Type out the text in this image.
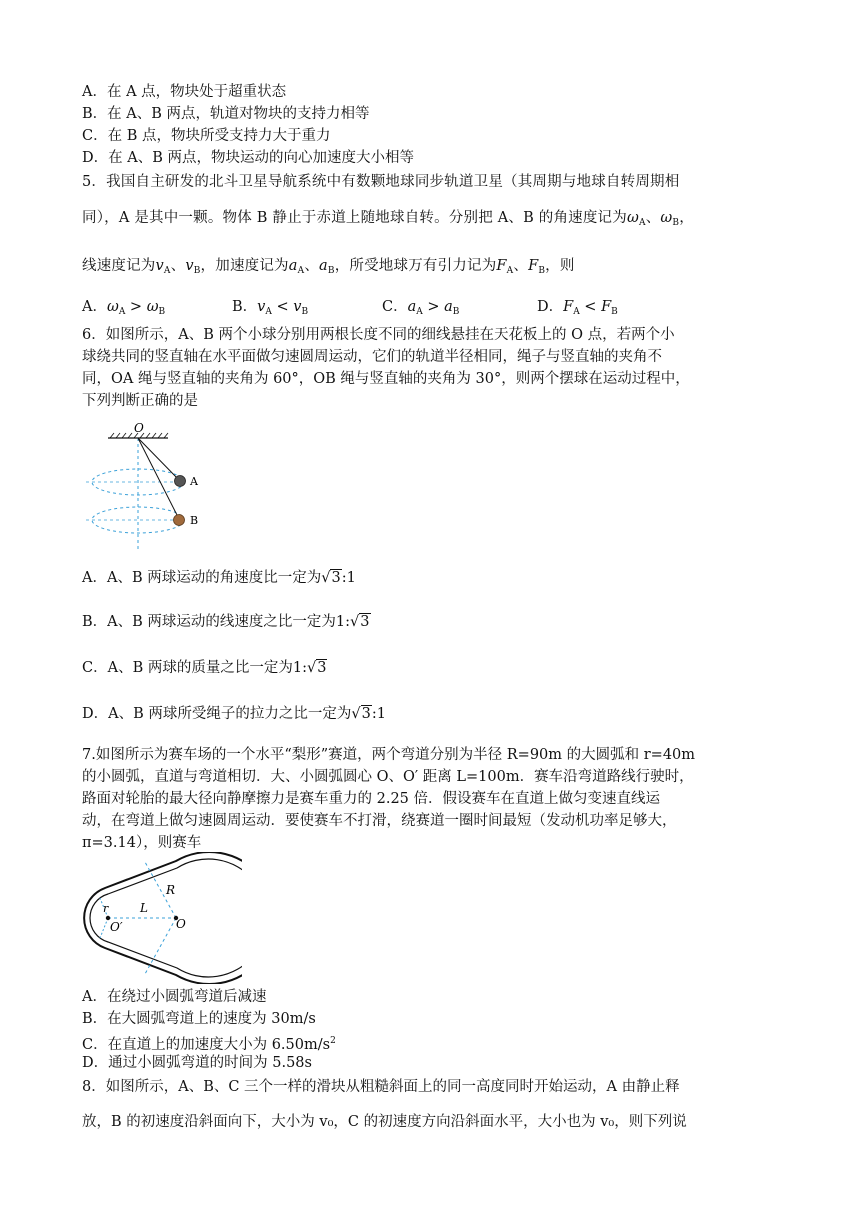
A．在 A 点，物块处于超重状态
B．在 A、B 两点，轨道对物块的支持力相等
C．在 B 点，物块所受支持力大于重力
D．在 A、B 两点，物块运动的向心加速度大小相等
5．我国自主研发的北斗卫星导航系统中有数颗地球同步轨道卫星（其周期与地球自转周期相
同），A 是其中一颗。物体 B 静止于赤道上随地球自转。分别把 A、B 的角速度记为$\omega_A$、$\omega_B$，
线速度记为$v_A$、$v_B$，加速度记为$a_A$、$a_B$，所受地球万有引力记为$F_A$、$F_B$，则
A．$\omega_A > \omega_B$	B．$v_A < v_B$	C．$a_A > a_B$	D．$F_A < F_B$
6．如图所示，A、B 两个小球分别用两根长度不同的细线悬挂在天花板上的 O 点，若两个小
球绕共同的竖直轴在水平面做匀速圆周运动，它们的轨道半径相同，绳子与竖直轴的夹角不
同，OA 绳与竖直轴的夹角为 60°，OB 绳与竖直轴的夹角为 30°，则两个摆球在运动过程中，
下列判断正确的是
O
A
B
A．A、B 两球运动的角速度比一定为√3:1
B．A、B 两球运动的线速度之比一定为1:√3
C．A、B 两球的质量之比一定为1:√3
D．A、B 两球所受绳子的拉力之比一定为√3:1
7.如图所示为赛车场的一个水平“梨形”赛道，两个弯道分别为半径 R=90m 的大圆弧和 r=40m
的小圆弧，直道与弯道相切．大、小圆弧圆心 O、O′ 距离 L=100m．赛车沿弯道路线行驶时，
路面对轮胎的最大径向静摩擦力是赛车重力的 2.25 倍．假设赛车在直道上做匀变速直线运
动，在弯道上做匀速圆周运动．要使赛车不打滑，绕赛道一圈时间最短（发动机功率足够大，
π=3.14），则赛车
R
r	L
O
O′
A．在绕过小圆弧弯道后减速
B．在大圆弧弯道上的速度为 30m/s
C．在直道上的加速度大小为 $6.50m/s^2$
D．通过小圆弧弯道的时间为 5.58s
8．如图所示，A、B、C 三个一样的滑块从粗糙斜面上的同一高度同时开始运动，A 由静止释
放，B 的初速度沿斜面向下，大小为 v₀，C 的初速度方向沿斜面水平，大小也为 v₀，则下列说
